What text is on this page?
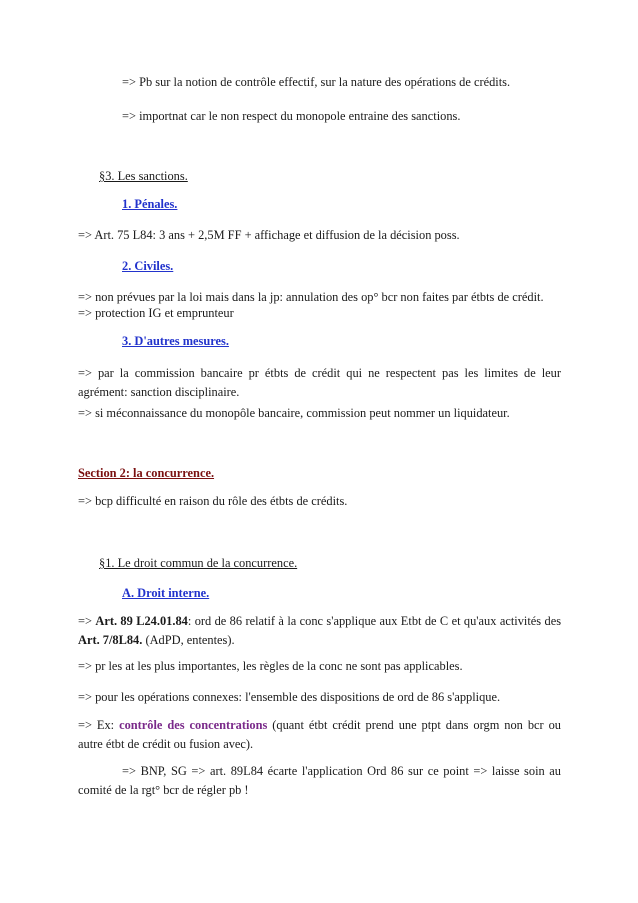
=> Pb sur la notion de contrôle effectif, sur la nature des opérations de crédits.
=> importnat car le non respect du monopole entraine des sanctions.
§3. Les sanctions.
1. Pénales.
=> Art. 75 L84: 3 ans + 2,5M FF + affichage et diffusion de la décision poss.
2. Civiles.
=> non prévues par la loi mais dans la jp: annulation des op° bcr non faites par étbts de crédit.
=> protection IG et emprunteur
3. D'autres mesures.
=> par la commission bancaire pr étbts de crédit qui ne respectent pas les limites de leur agrément: sanction disciplinaire.
=> si méconnaissance du monopôle bancaire, commission peut nommer un liquidateur.
Section 2: la concurrence.
=> bcp difficulté en raison du rôle des étbts de crédits.
§1. Le droit commun de la concurrence.
A. Droit interne.
=> Art. 89 L24.01.84: ord de 86 relatif à la conc s'applique aux Etbt de C et qu'aux activités des Art. 7/8L84. (AdPD, ententes).
=> pr les at les plus importantes, les règles de la conc ne sont pas applicables.
=> pour les opérations connexes: l'ensemble des dispositions de ord de 86 s'applique.
=> Ex: contrôle des concentrations (quant étbt crédit prend une ptpt dans orgm non bcr ou autre étbt de crédit ou fusion avec).
=> BNP, SG => art. 89L84 écarte l'application Ord 86 sur ce point => laisse soin au comité de la rgt° bcr de régler pb !
